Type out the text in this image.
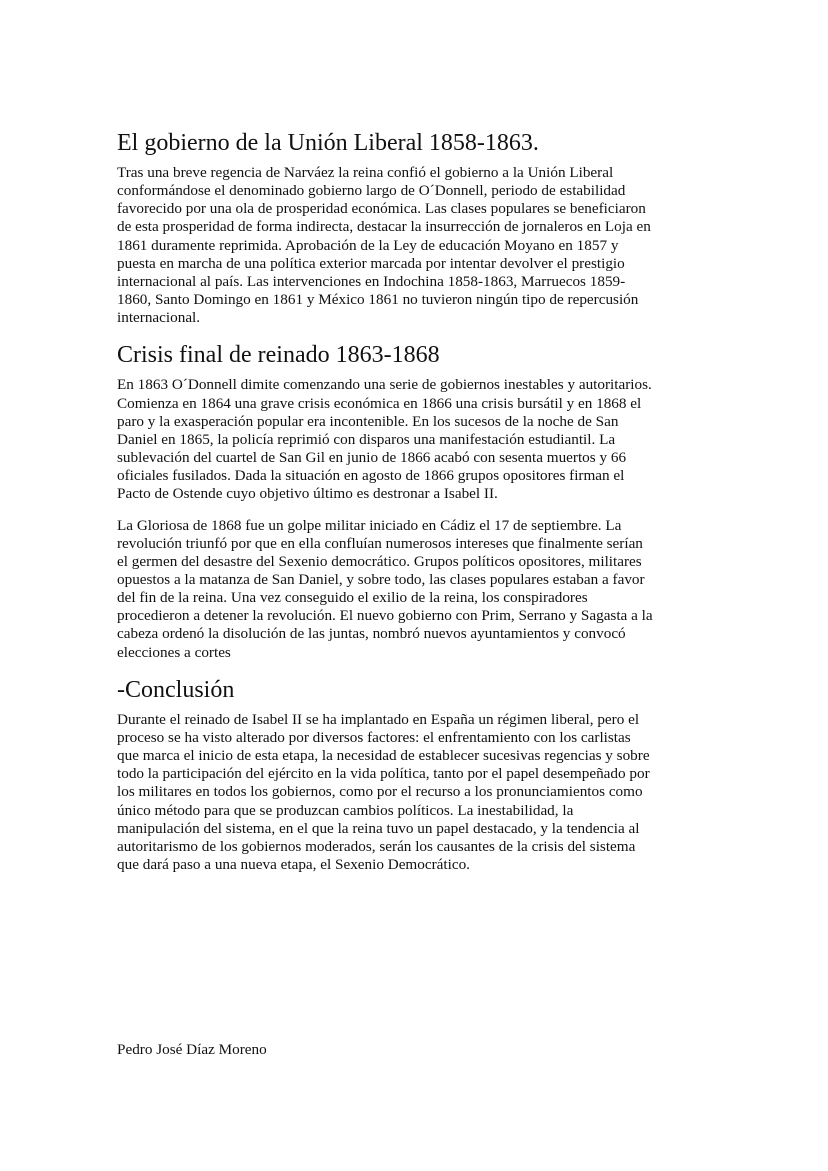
El gobierno de la Unión Liberal 1858-1863.

Tras una breve regencia de Narváez la reina confió el gobierno a la Unión Liberal
conformándose el denominado gobierno largo de O´Donnell, periodo de estabilidad
favorecido por una ola de prosperidad económica. Las clases populares se beneficiaron
de esta prosperidad de forma indirecta, destacar la insurrección de jornaleros en Loja en
1861 duramente reprimida. Aprobación de la Ley de educación Moyano en 1857 y
puesta en marcha de una política exterior marcada por intentar devolver el prestigio
internacional al país. Las intervenciones en Indochina 1858-1863, Marruecos 1859-
1860, Santo Domingo en 1861 y México 1861 no tuvieron ningún tipo de repercusión
internacional.

Crisis final de reinado 1863-1868

En 1863 O´Donnell dimite comenzando una serie de gobiernos inestables y autoritarios.
Comienza en 1864 una grave crisis económica en 1866 una crisis bursátil y en 1868 el
paro y la exasperación popular era incontenible. En los sucesos de la noche de San
Daniel en 1865, la policía reprimió con disparos una manifestación estudiantil. La
sublevación del cuartel de San Gil en junio de 1866 acabó con sesenta muertos y 66
oficiales fusilados. Dada la situación en agosto de 1866 grupos opositores firman el
Pacto de Ostende cuyo objetivo último es destronar a Isabel II.

La Gloriosa de 1868 fue un golpe militar iniciado en Cádiz el 17 de septiembre. La
revolución triunfó por que en ella confluían numerosos intereses que finalmente serían
el germen del desastre del Sexenio democrático. Grupos políticos opositores, militares
opuestos a la matanza de San Daniel, y sobre todo, las clases populares estaban a favor
del fin de la reina. Una vez conseguido el exilio de la reina, los conspiradores
procedieron a detener la revolución. El nuevo gobierno con Prim, Serrano y Sagasta a la
cabeza ordenó la disolución de las juntas, nombró nuevos ayuntamientos y convocó
elecciones a cortes

-Conclusión

Durante el reinado de Isabel II se ha implantado en España un régimen liberal, pero el
proceso se ha visto alterado por diversos factores: el enfrentamiento con los carlistas
que marca el inicio de esta etapa, la necesidad de establecer sucesivas regencias y sobre
todo la participación del ejército en la vida política, tanto por el papel desempeñado por
los militares en todos los gobiernos, como por el recurso a los pronunciamientos como
único método para que se produzcan cambios políticos. La inestabilidad, la
manipulación del sistema, en el que la reina tuvo un papel destacado, y la tendencia al
autoritarismo de los gobiernos moderados, serán los causantes de la crisis del sistema
que dará paso a una nueva etapa, el Sexenio Democrático.

Pedro José Díaz Moreno
